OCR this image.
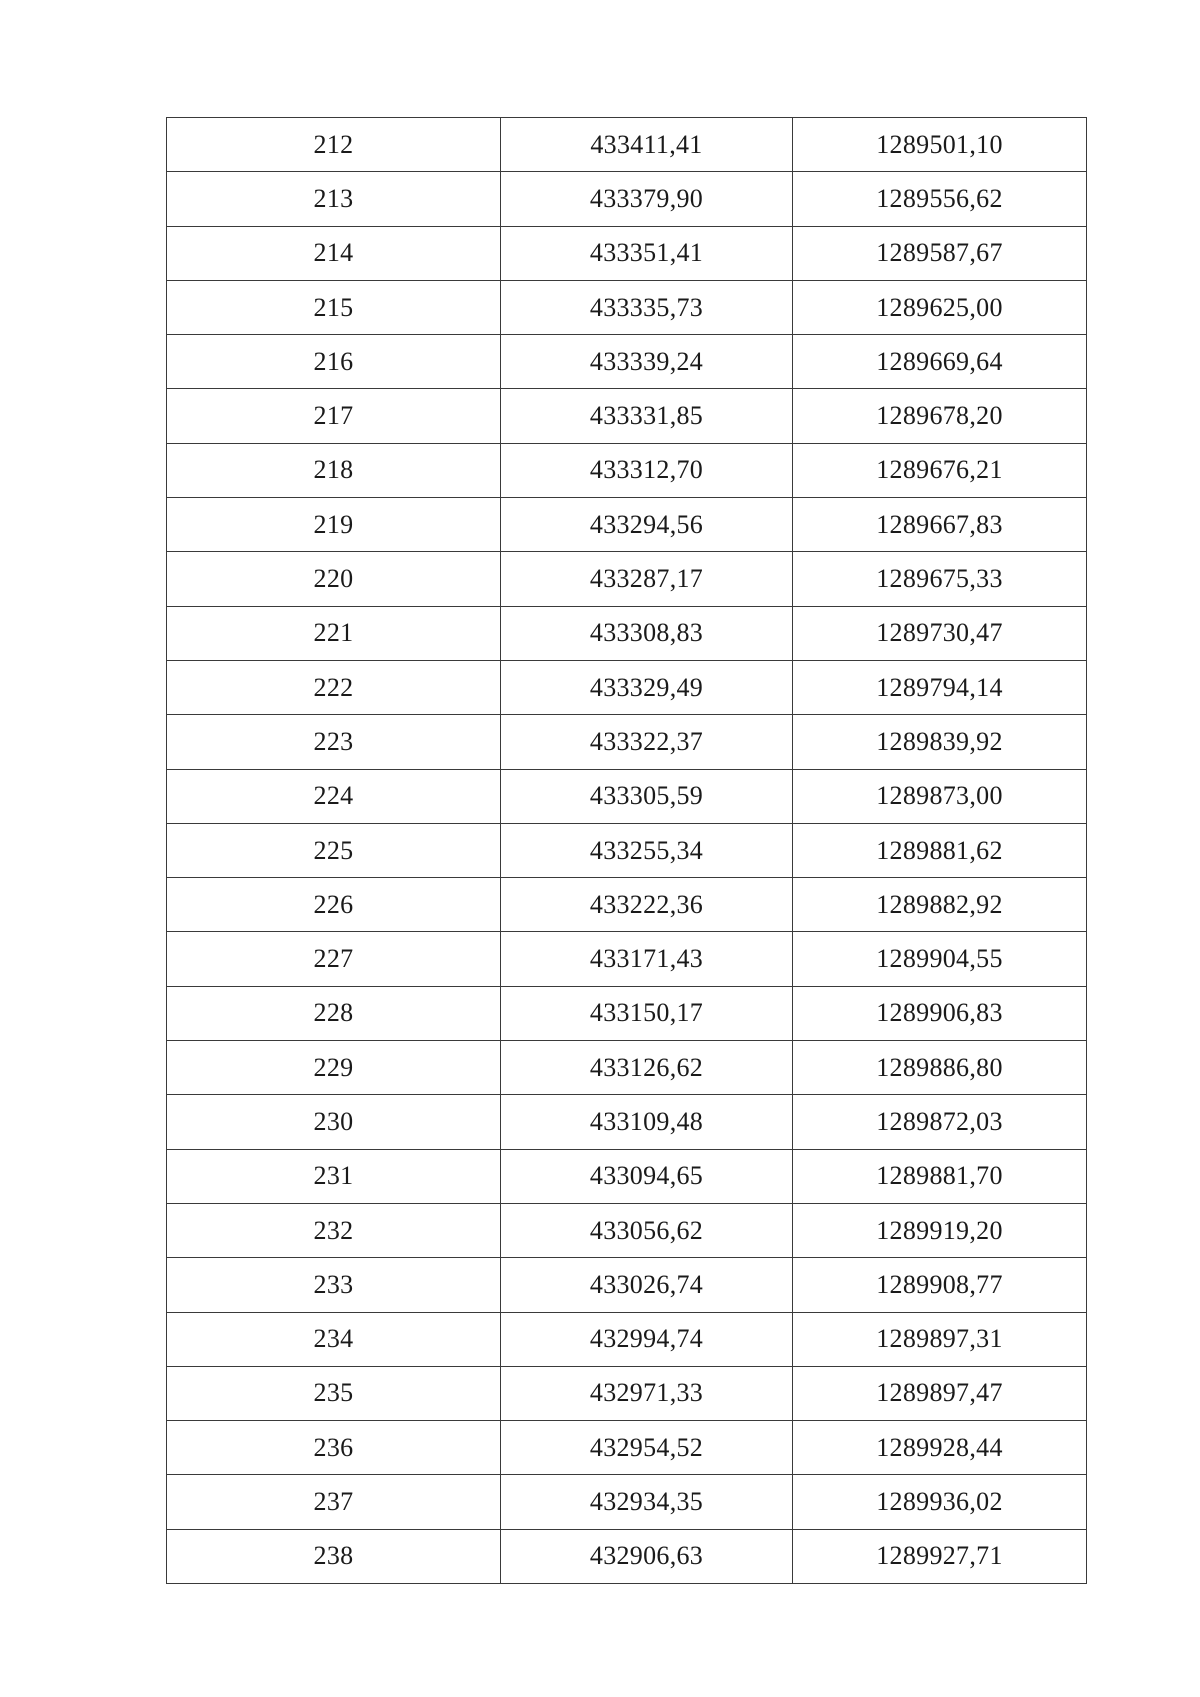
212	433411,41	1289501,10
213	433379,90	1289556,62
214	433351,41	1289587,67
215	433335,73	1289625,00
216	433339,24	1289669,64
217	433331,85	1289678,20
218	433312,70	1289676,21
219	433294,56	1289667,83
220	433287,17	1289675,33
221	433308,83	1289730,47
222	433329,49	1289794,14
223	433322,37	1289839,92
224	433305,59	1289873,00
225	433255,34	1289881,62
226	433222,36	1289882,92
227	433171,43	1289904,55
228	433150,17	1289906,83
229	433126,62	1289886,80
230	433109,48	1289872,03
231	433094,65	1289881,70
232	433056,62	1289919,20
233	433026,74	1289908,77
234	432994,74	1289897,31
235	432971,33	1289897,47
236	432954,52	1289928,44
237	432934,35	1289936,02
238	432906,63	1289927,71
